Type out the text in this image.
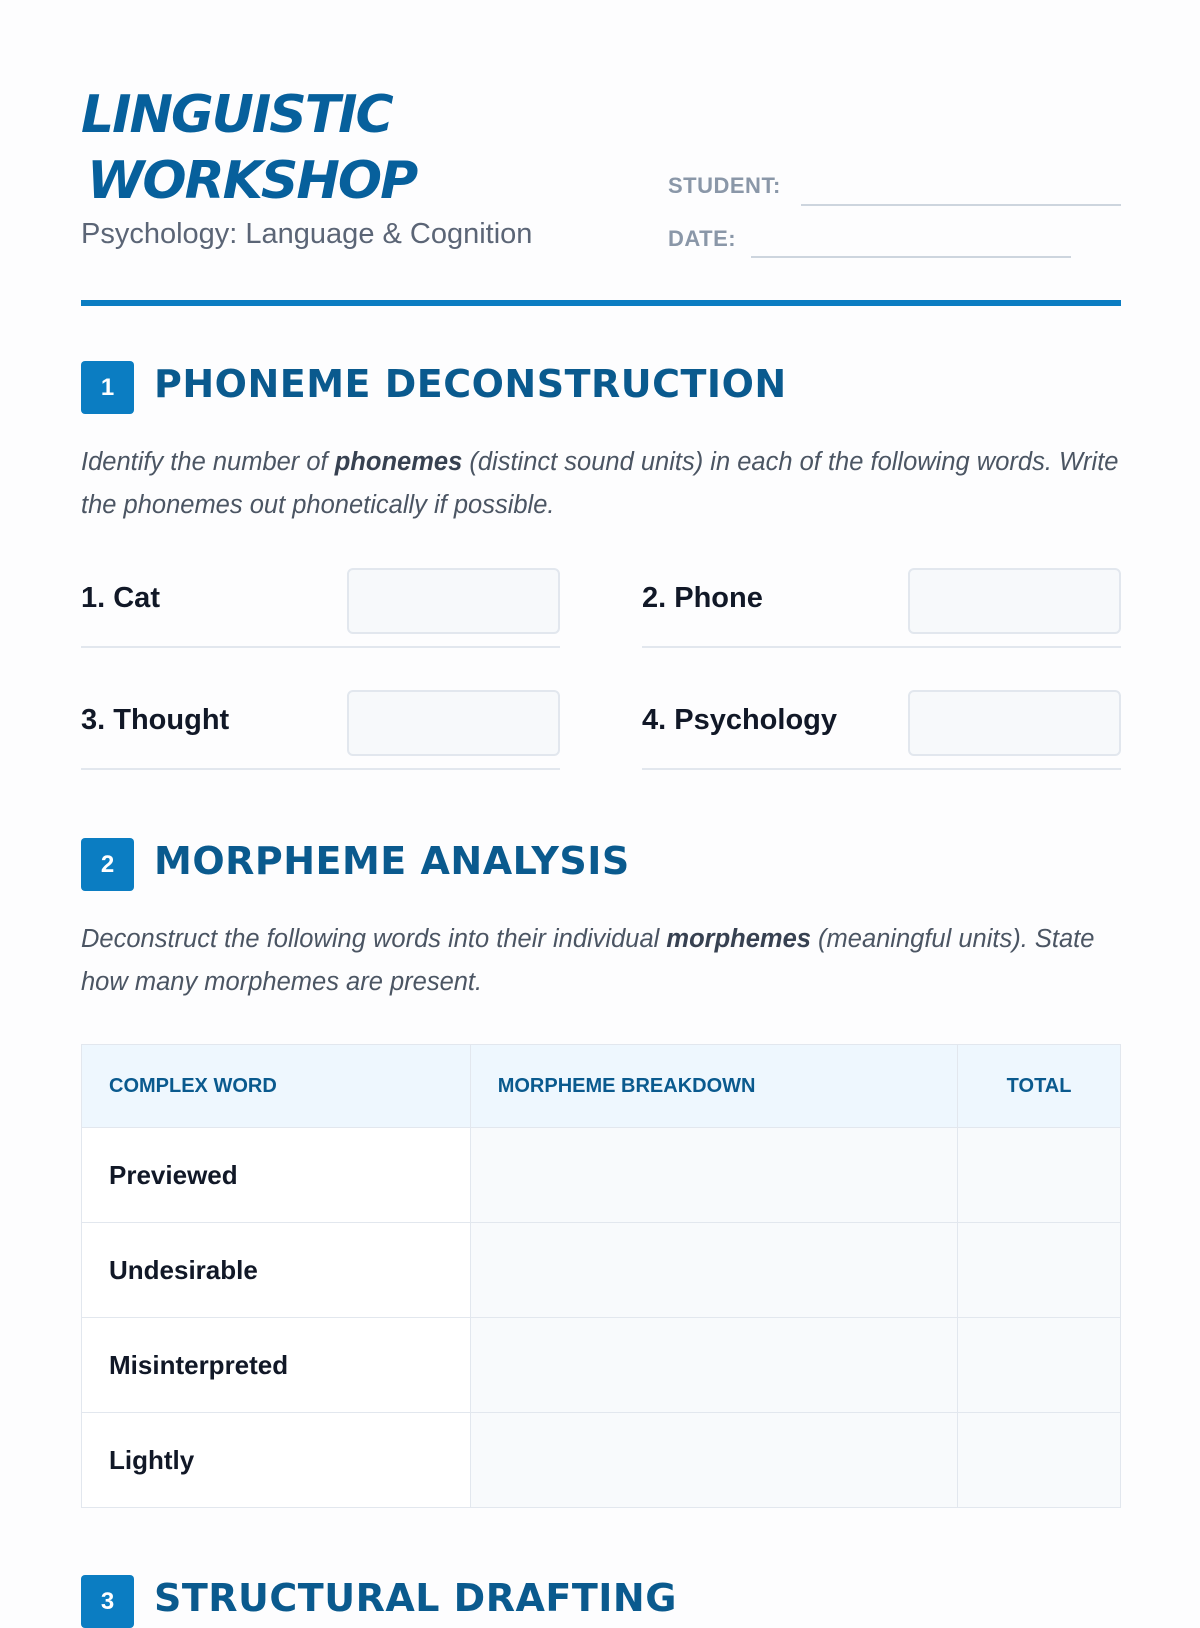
LINGUISTIC
WORKSHOP
Psychology: Language & Cognition
STUDENT:
DATE:
1	PHONEME DECONSTRUCTION
Identify the number of phonemes (distinct sound units) in each of the following words. Write the phonemes out phonetically if possible.
1. Cat	2. Phone
3. Thought	4. Psychology
2	MORPHEME ANALYSIS
Deconstruct the following words into their individual morphemes (meaningful units). State how many morphemes are present.
COMPLEX WORD	MORPHEME BREAKDOWN	TOTAL
Previewed		
Undesirable		
Misinterpreted		
Lightly		
3	STRUCTURAL DRAFTING
